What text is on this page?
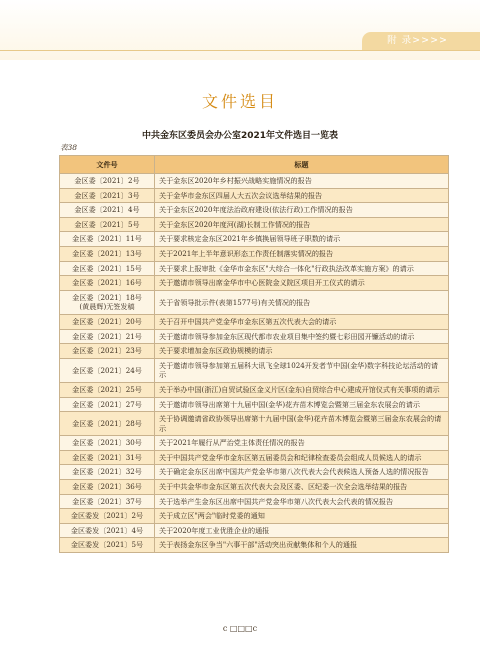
附 录>>>>
文件选目
中共金东区委员会办公室2021年文件选目一览表
表38
文件号	标题
金区委〔2021〕2号	关于金东区2020年乡村振兴战略实施情况的报告
金区委〔2021〕3号	关于金华市金东区四届人大五次会议选举结果的报告
金区委〔2021〕4号	关于金东区2020年度法治政府建设(依法行政)工作情况的报告
金区委〔2021〕5号	关于金东区2020年度河(湖)长制工作情况的报告
金区委〔2021〕11号	关于要求核定金东区2021年乡镇换届领导班子职数的请示
金区委〔2021〕13号	关于2021年上半年意识形态工作责任制落实情况的报告
金区委〔2021〕15号	关于要求上报审批《金华市金东区"大综合一体化"行政执法改革实施方案》的请示
金区委〔2021〕16号	关于邀请市领导出席金华市中心医院金义院区项目开工仪式的请示
金区委〔2021〕18号
(黄晨辉)无签发稿	关于省领导批示件(表第1577号)有关情况的报告
金区委〔2021〕20号	关于召开中国共产党金华市金东区第五次代表大会的请示
金区委〔2021〕21号	关于邀请市领导参加金东区现代都市农业项目集中签约暨七彩田园开镰活动的请示
金区委〔2021〕23号	关于要求增加金东区政协规模的请示
金区委〔2021〕24号	关于邀请市领导参加第五届科大讯飞全球1024开发者节中国(金华)数字科技论坛活动的请示
金区委〔2021〕25号	关于举办中国(浙江)自贸试验区金义片区(金东)自贸综合中心建成开馆仪式有关事项的请示
金区委〔2021〕27号	关于邀请市领导出席第十九届中国(金华)花卉苗木博览会暨第三届金东农展会的请示
金区委〔2021〕28号	关于协调邀请省政协领导出席第十九届中国(金华)花卉苗木博览会暨第三届金东农展会的请示
金区委〔2021〕30号	关于2021年履行从严治党主体责任情况的报告
金区委〔2021〕31号	关于中国共产党金华市金东区第五届委员会和纪律检查委员会组成人员候选人的请示
金区委〔2021〕32号	关于确定金东区出席中国共产党金华市第八次代表大会代表候选人预备人选的情况报告
金区委〔2021〕36号	关于中共金华市金东区第五次代表大会及区委、区纪委一次全会选举结果的报告
金区委〔2021〕37号	关于选举产生金东区出席中国共产党金华市第八次代表大会代表的情况报告
金区委发〔2021〕2号	关于成立区"两会"临时党委的通知
金区委发〔2021〕4号	关于2020年度工业优胜企业的通报
金区委发〔2021〕5号	关于表扬金东区争当"六事干部"活动突出贡献集体和个人的通报
c □□□c
